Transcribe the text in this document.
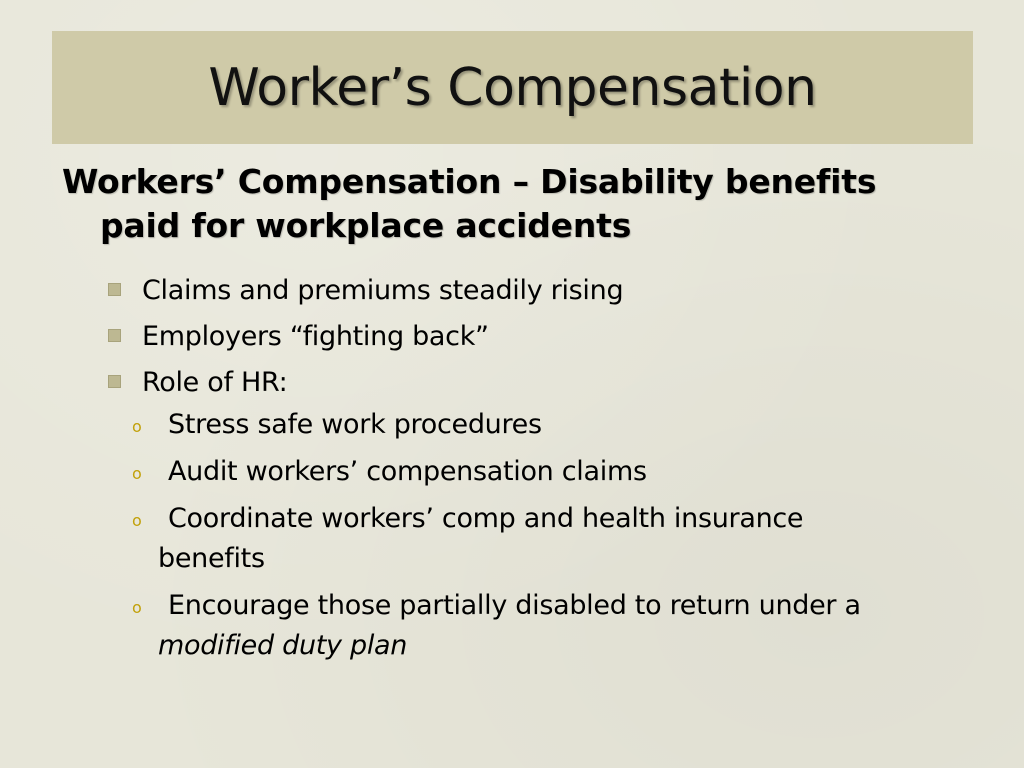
Worker’s Compensation
Workers’ Compensation – Disability benefits
paid for workplace accidents
Claims and premiums steadily rising
Employers “fighting back”
Role of HR:
o Stress safe work procedures
o Audit workers’ compensation claims
o Coordinate workers’ comp and health insurance
benefits
o Encourage those partially disabled to return under a
modified duty plan
